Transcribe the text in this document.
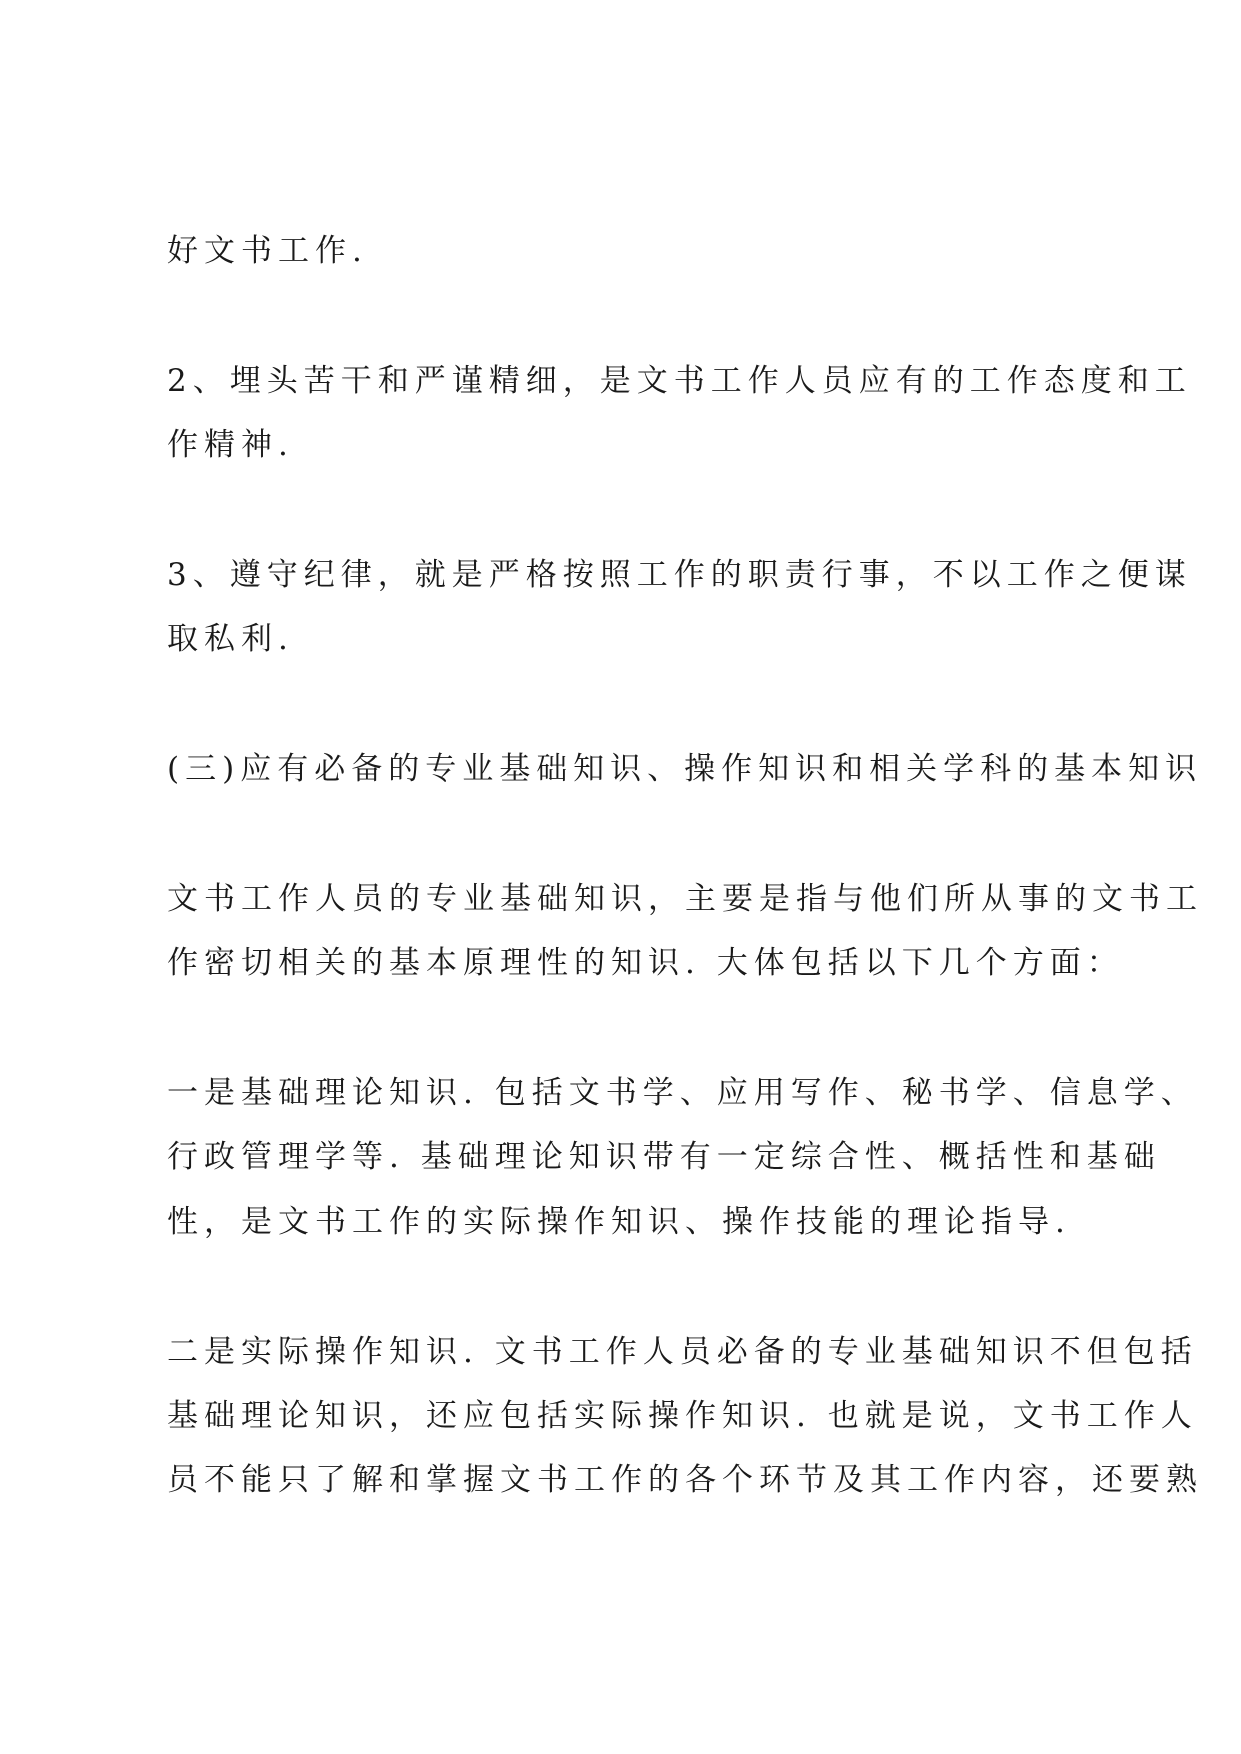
好文书工作.
2、埋头苦干和严谨精细，是文书工作人员应有的工作态度和工
作精神.
3、遵守纪律，就是严格按照工作的职责行事，不以工作之便谋
取私利.
(三)应有必备的专业基础知识、操作知识和相关学科的基本知识
文书工作人员的专业基础知识，主要是指与他们所从事的文书工
作密切相关的基本原理性的知识. 大体包括以下几个方面：
一是基础理论知识. 包括文书学、应用写作、秘书学、信息学、
行政管理学等. 基础理论知识带有一定综合性、概括性和基础
性，是文书工作的实际操作知识、操作技能的理论指导.
二是实际操作知识. 文书工作人员必备的专业基础知识不但包括
基础理论知识，还应包括实际操作知识. 也就是说，文书工作人
员不能只了解和掌握文书工作的各个环节及其工作内容，还要熟
